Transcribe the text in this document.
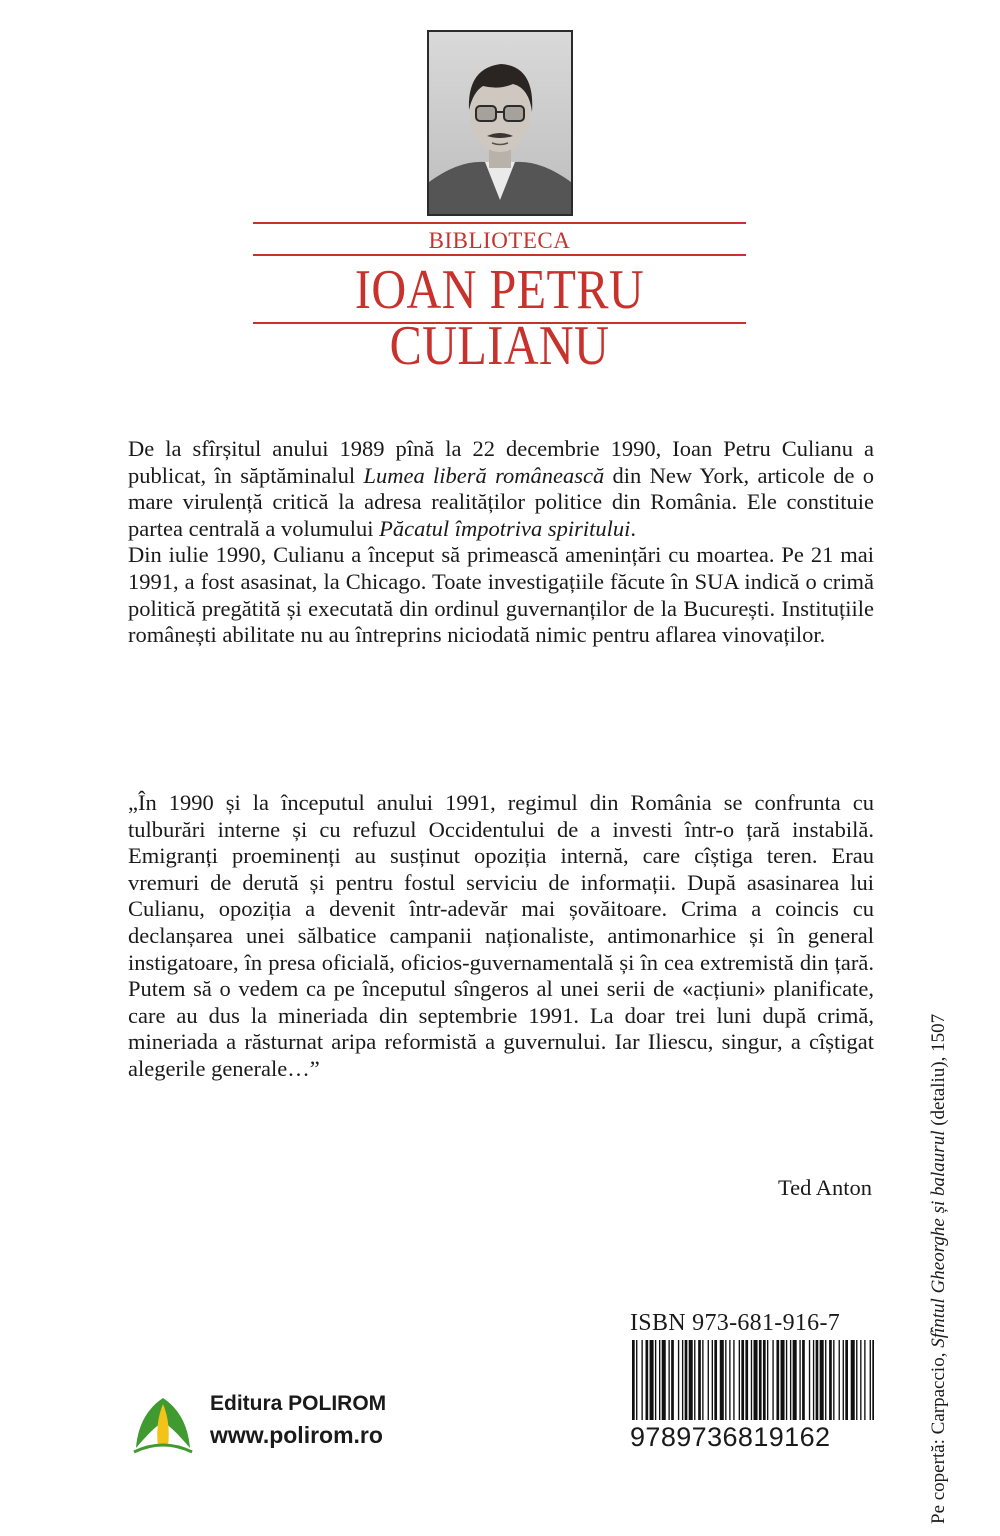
BIBLIOTECA
IOAN PETRU CULIANU

De la sfîrșitul anului 1989 pînă la 22 decembrie 1990, Ioan Petru Culianu a publicat, în săptăminalul Lumea liberă românească din New York, articole de o mare virulență critică la adresa realităților politice din România. Ele constituie partea centrală a volumului Păcatul împotriva spiritului.

Din iulie 1990, Culianu a început să primească amenințări cu moartea. Pe 21 mai 1991, a fost asasinat, la Chicago. Toate investigațiile făcute în SUA indică o crimă politică pregătită și executată din ordinul guvernanților de la București. Instituțiile românești abilitate nu au întreprins niciodată nimic pentru aflarea vinovaților.

„În 1990 și la începutul anului 1991, regimul din România se confrunta cu tulburări interne și cu refuzul Occidentului de a investi într-o țară instabilă. Emigranți proeminenți au susținut opoziția internă, care cîștiga teren. Erau vremuri de derută și pentru fostul serviciu de informații. După asasinarea lui Culianu, opoziția a devenit într-adevăr mai șovăitoare. Crima a coincis cu declanșarea unei sălbatice campanii naționaliste, antimonarhice și în general instigatoare, în presa oficială, oficios-guvernamentală și în cea extremistă din țară. Putem să o vedem ca pe începutul sîngeros al unei serii de «acțiuni» planificate, care au dus la mineriada din septembrie 1991. La doar trei luni după crimă, mineriada a răsturnat aripa reformistă a guvernului. Iar Iliescu, singur, a cîștigat alegerile generale…”

Ted Anton
Pe copertă: Carpaccio, Sfîntul Gheorghe și balaurul (detaliu), 1507
ISBN 973-681-916-7
9789736819162
Editura POLIROM
www.polirom.ro
